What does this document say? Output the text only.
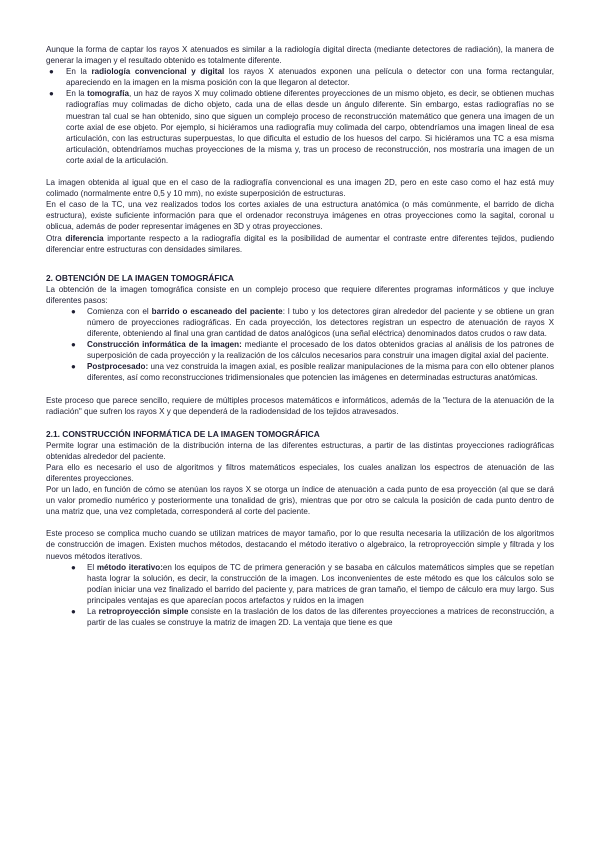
Aunque la forma de captar los rayos X atenuados es similar a la radiología digital directa (mediante detectores de radiación), la manera de generar la imagen y el resultado obtenido es totalmente diferente.

● En la radiología convencional y digital los rayos X atenuados exponen una película o detector con una forma rectangular, apareciendo en la imagen en la misma posición con la que llegaron al detector.
● En la tomografía, un haz de rayos X muy colimado obtiene diferentes proyecciones de un mismo objeto, es decir, se obtienen muchas radiografías muy colimadas de dicho objeto, cada una de ellas desde un ángulo diferente. Sin embargo, estas radiografías no se muestran tal cual se han obtenido, sino que siguen un complejo proceso de reconstrucción matemático que genera una imagen de un corte axial de ese objeto. Por ejemplo, si hiciéramos una radiografía muy colimada del carpo, obtendríamos una imagen lineal de esa articulación, con las estructuras superpuestas, lo que dificulta el estudio de los huesos del carpo. Si hiciéramos una TC a esa misma articulación, obtendríamos muchas proyecciones de la misma y, tras un proceso de reconstrucción, nos mostraría una imagen de un corte axial de la articulación.

La imagen obtenida al igual que en el caso de la radiografía convencional es una imagen 2D, pero en este caso como el haz está muy colimado (normalmente entre 0,5 y 10 mm), no existe superposición de estructuras.

En el caso de la TC, una vez realizados todos los cortes axiales de una estructura anatómica (o más comúnmente, el barrido de dicha estructura), existe suficiente información para que el ordenador reconstruya imágenes en otras proyecciones como la sagital, coronal u oblicua, además de poder representar imágenes en 3D y otras proyecciones.

Otra diferencia importante respecto a la radiografía digital es la posibilidad de aumentar el contraste entre diferentes tejidos, pudiendo diferenciar entre estructuras con densidades similares.

2. OBTENCIÓN DE LA IMAGEN TOMOGRÁFICA

La obtención de la imagen tomográfica consiste en un complejo proceso que requiere diferentes programas informáticos y que incluye diferentes pasos:

● Comienza con el barrido o escaneado del paciente: l tubo y los detectores giran alrededor del paciente y se obtiene un gran número de proyecciones radiográficas. En cada proyección, los detectores registran un espectro de atenuación de rayos X diferente, obteniendo al final una gran cantidad de datos analógicos (una señal eléctrica) denominados datos crudos o raw data.
● Construcción informática de la imagen: mediante el procesado de los datos obtenidos gracias al análisis de los patrones de superposición de cada proyección y la realización de los cálculos necesarios para construir una imagen digital axial del paciente.
● Postprocesado: una vez construida la imagen axial, es posible realizar manipulaciones de la misma para con ello obtener planos diferentes, así como reconstrucciones tridimensionales que potencien las imágenes en determinadas estructuras anatómicas.

Este proceso que parece sencillo, requiere de múltiples procesos matemáticos e informáticos, además de la "lectura de la atenuación de la radiación" que sufren los rayos X y que dependerá de la radiodensidad de los tejidos atravesados.

2.1. CONSTRUCCIÓN INFORMÁTICA DE LA IMAGEN TOMOGRÁFICA

Permite lograr una estimación de la distribución interna de las diferentes estructuras, a partir de las distintas proyecciones radiográficas obtenidas alrededor del paciente.

Para ello es necesario el uso de algoritmos y filtros matemáticos especiales, los cuales analizan los espectros de atenuación de las diferentes proyecciones.

Por un lado, en función de cómo se atenúan los rayos X se otorga un índice de atenuación a cada punto de esa proyección (al que se dará un valor promedio numérico y posteriormente una tonalidad de gris), mientras que por otro se calcula la posición de cada punto dentro de una matriz que, una vez completada, corresponderá al corte del paciente.

Este proceso se complica mucho cuando se utilizan matrices de mayor tamaño, por lo que resulta necesaria la utilización de los algoritmos de construcción de imagen. Existen muchos métodos, destacando el método iterativo o algebraico, la retroproyección simple y filtrada y los nuevos métodos iterativos.

● El método iterativo:en los equipos de TC de primera generación y se basaba en cálculos matemáticos simples que se repetían hasta lograr la solución, es decir, la construcción de la imagen. Los inconvenientes de este método es que los cálculos solo se podían iniciar una vez finalizado el barrido del paciente y, para matrices de gran tamaño, el tiempo de cálculo era muy largo. Sus principales ventajas es que aparecían pocos artefactos y ruidos en la imagen
● La retroproyección simple consiste en la traslación de los datos de las diferentes proyecciones a matrices de reconstrucción, a partir de las cuales se construye la matriz de imagen 2D. La ventaja que tiene es que
